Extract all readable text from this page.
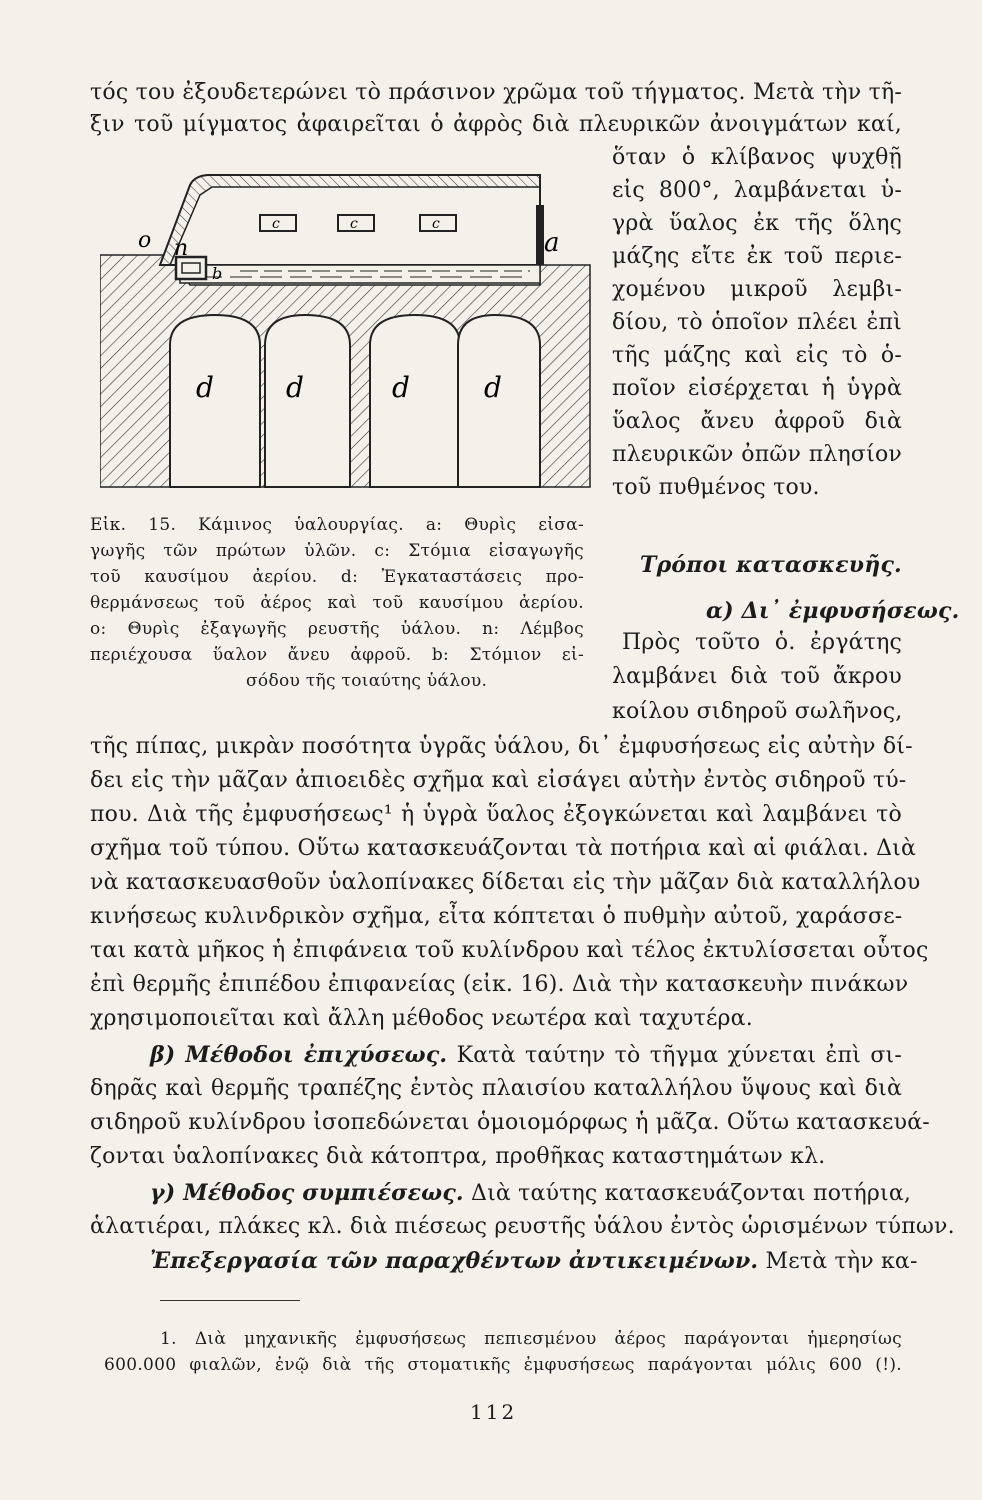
τός του ἐξουδετερώνει τὸ πράσινον χρῶμα τοῦ τήγματος. Μετὰ τὴν τῆ-
ξιν τοῦ μίγματος ἀφαιρεῖται ὁ ἀφρὸς διὰ πλευρικῶν ἀνοιγμάτων καί,
ὅταν ὁ κλίβανος ψυχθῇ
εἰς 800°, λαμβάνεται ὑ-
γρὰ ὕαλος ἐκ τῆς ὅλης
μάζης εἴτε ἐκ τοῦ περιε-
χομένου μικροῦ λεμβι-
δίου, τὸ ὁποῖον πλέει ἐπὶ
τῆς μάζης καὶ εἰς τὸ ὁ-
ποῖον εἰσέρχεται ἡ ὑγρὰ
ὕαλος ἄνευ ἀφροῦ διὰ
πλευρικῶν ὀπῶν πλησίον
τοῦ πυθμένος του.
c	c	c
o n
b
a
d	d	d	d
Εἰκ. 15. Κάμινος ὑαλουργίας. a: Θυρὶς εἰσα-
γωγῆς τῶν πρώτων ὑλῶν. c: Στόμια εἰσαγωγῆς
τοῦ καυσίμου ἀερίου. d: Ἐγκαταστάσεις προ-
θερμάνσεως τοῦ ἀέρος καὶ τοῦ καυσίμου ἀερίου.
o: Θυρὶς ἐξαγωγῆς ρευστῆς ὑάλου. n: Λέμβος
περιέχουσα ὕαλον ἄνευ ἀφροῦ. b: Στόμιον εἰ-
σόδου τῆς τοιαύτης ὑάλου.
Τρόποι κατασκευῆς.
α) Δι᾽ ἐμφυσήσεως.
Πρὸς τοῦτο ὁ. ἐργάτης
λαμβάνει διὰ τοῦ ἄκρου
κοίλου σιδηροῦ σωλῆνος,
τῆς πίπας, μικρὰν ποσότητα ὑγρᾶς ὑάλου, δι᾽ ἐμφυσήσεως εἰς αὐτὴν δί-
δει εἰς τὴν μᾶζαν ἀπιοειδὲς σχῆμα καὶ εἰσάγει αὐτὴν ἐντὸς σιδηροῦ τύ-
που. Διὰ τῆς ἐμφυσήσεως¹ ἡ ὑγρὰ ὕαλος ἐξογκώνεται καὶ λαμβάνει τὸ
σχῆμα τοῦ τύπου. Οὕτω κατασκευάζονται τὰ ποτήρια καὶ αἱ φιάλαι. Διὰ
νὰ κατασκευασθοῦν ὑαλοπίνακες δίδεται εἰς τὴν μᾶζαν διὰ καταλλήλου
κινήσεως κυλινδρικὸν σχῆμα, εἶτα κόπτεται ὁ πυθμὴν αὐτοῦ, χαράσσε-
ται κατὰ μῆκος ἡ ἐπιφάνεια τοῦ κυλίνδρου καὶ τέλος ἐκτυλίσσεται οὗτος
ἐπὶ θερμῆς ἐπιπέδου ἐπιφανείας (εἰκ. 16). Διὰ τὴν κατασκευὴν πινάκων
χρησιμοποιεῖται καὶ ἄλλη μέθοδος νεωτέρα καὶ ταχυτέρα.
β) Μέθοδοι ἐπιχύσεως. Κατὰ ταύτην τὸ τῆγμα χύνεται ἐπὶ σι-
δηρᾶς καὶ θερμῆς τραπέζης ἐντὸς πλαισίου καταλλήλου ὕψους καὶ διὰ
σιδηροῦ κυλίνδρου ἰσοπεδώνεται ὁμοιομόρφως ἡ μᾶζα. Οὕτω κατασκευά-
ζονται ὑαλοπίνακες διὰ κάτοπτρα, προθῆκας καταστημάτων κλ.
γ) Μέθοδος συμπιέσεως. Διὰ ταύτης κατασκευάζονται ποτήρια,
ἁλατιέραι, πλάκες κλ. διὰ πιέσεως ρευστῆς ὑάλου ἐντὸς ὡρισμένων τύπων.
Ἐπεξεργασία τῶν παραχθέντων ἀντικειμένων. Μετὰ τὴν κα-
1. Διὰ μηχανικῆς ἐμφυσήσεως πεπιεσμένου ἀέρος παράγονται ἡμερησίως
600.000 φιαλῶν, ἐνῷ διὰ τῆς στοματικῆς ἐμφυσήσεως παράγονται μόλις 600 (!).
112
